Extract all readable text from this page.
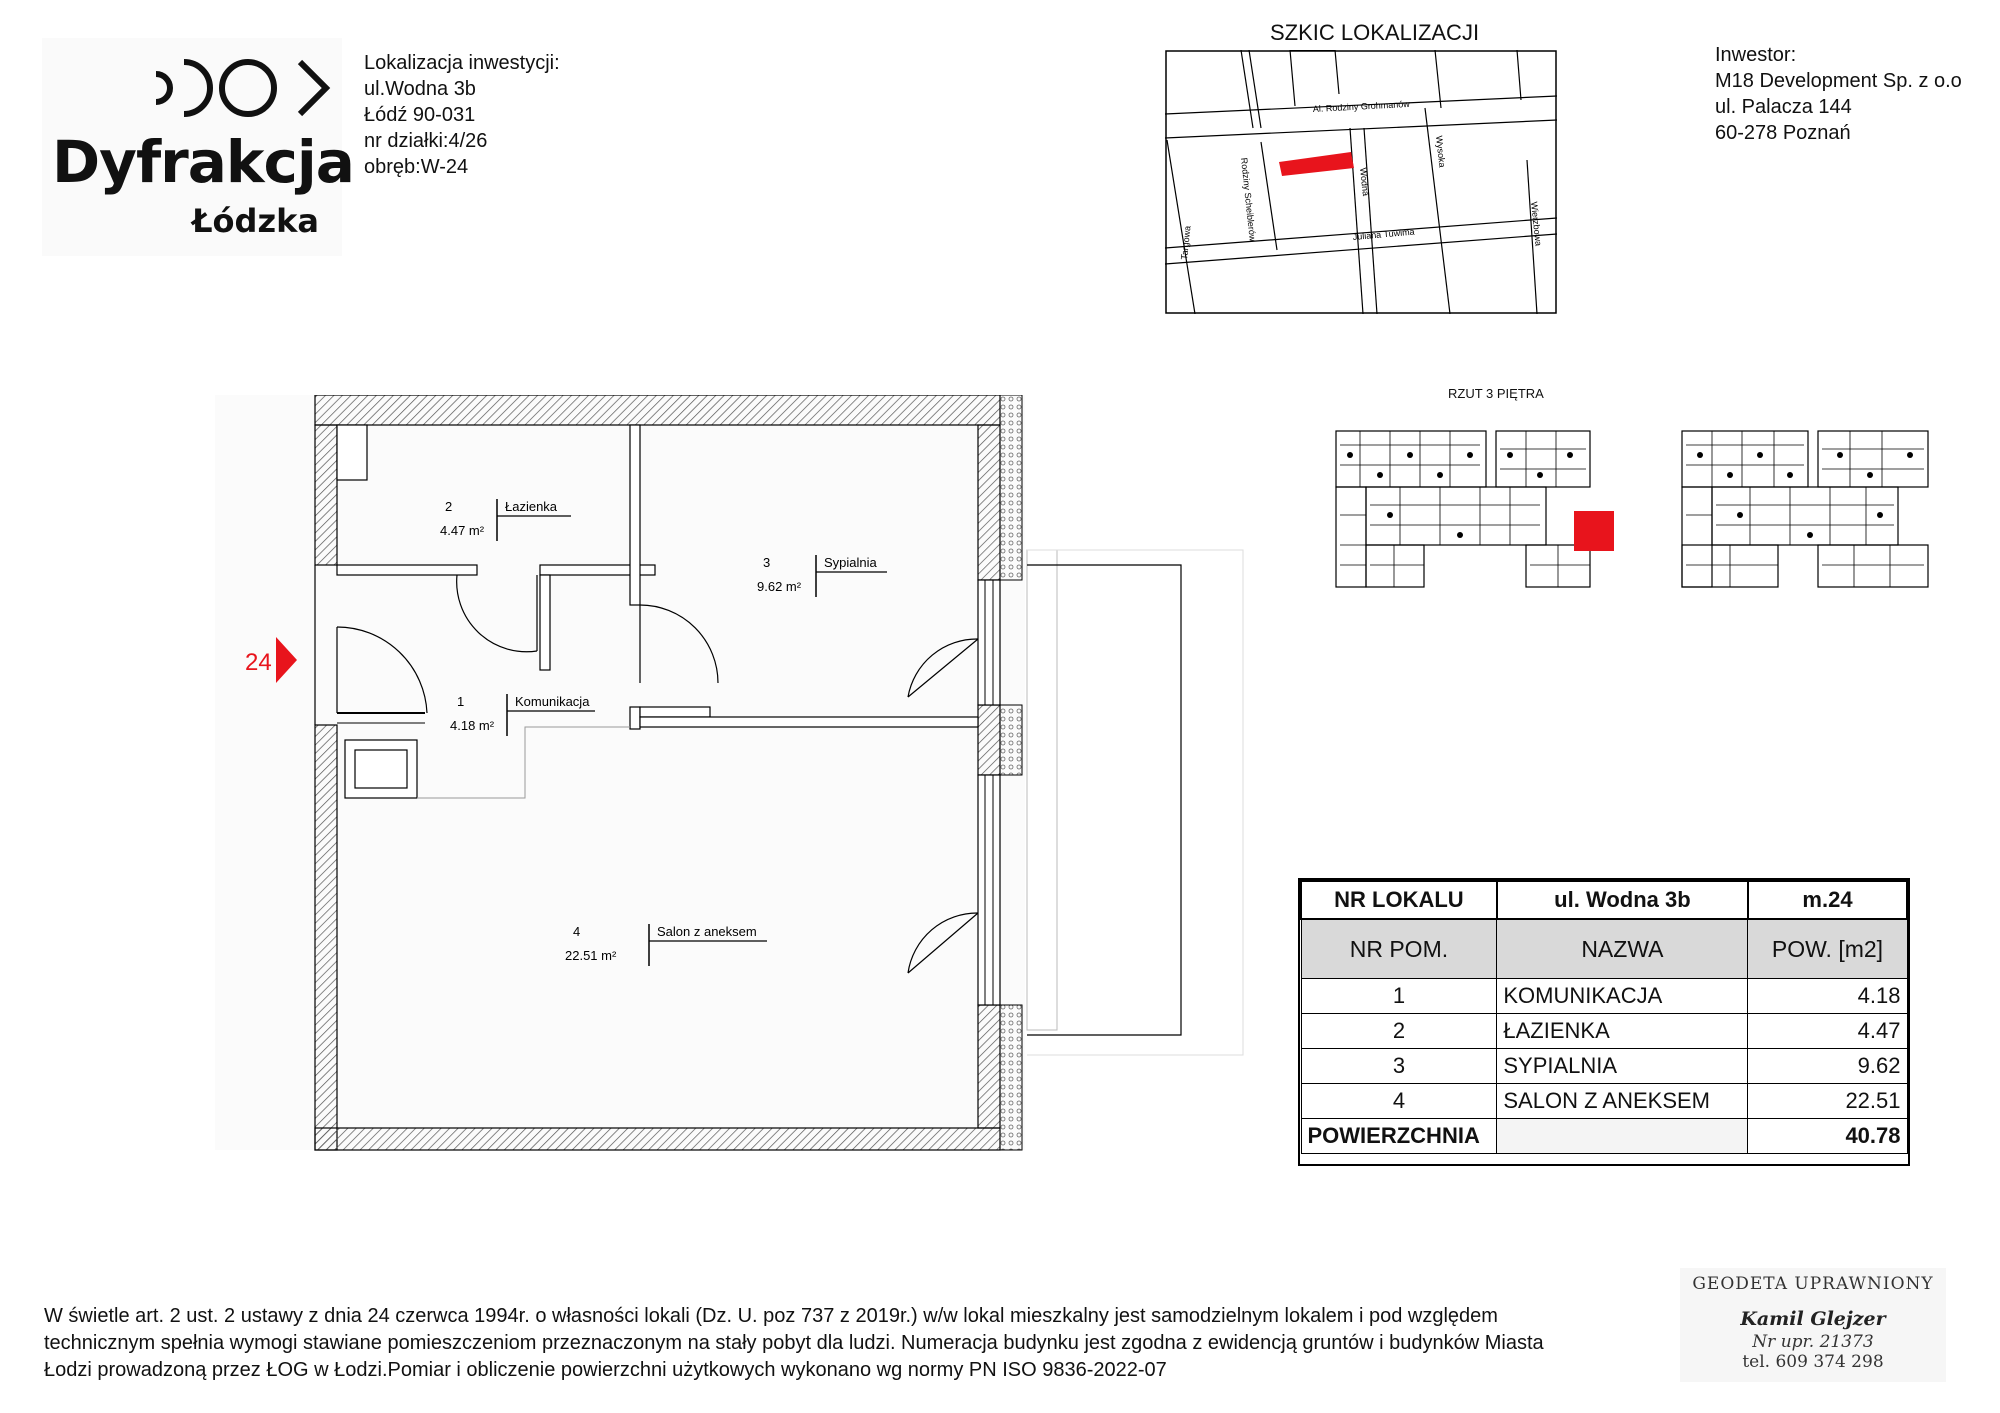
Dyfrakcja
Łódzka
Lokalizacja inwestycji:
ul.Wodna 3b
Łódź 90-031
nr działki:4/26
obręb:W-24
Inwestor:
M18 Development Sp. z o.o
ul. Palacza 144
60-278 Poznań
SZKIC LOKALIZACJI
Al. Rodziny Grohmanów
Rodziny Scheiblerów
Targowa
Wodna
Wysoka
Juliana Tuwima	Wierzbowa
RZUT 3 PIĘTRA
24
2	Łazienka
4.47 m²
3	Sypialnia
9.62 m²
1	Komunikacja
4.18 m²
4	Salon z aneksem
22.51 m²
NR LOKALU	ul. Wodna 3b	m.24
NR POM.	NAZWA	POW. [m2]
1	KOMUNIKACJA	4.18
2	ŁAZIENKA	4.47
3	SYPIALNIA	9.62
4	SALON Z ANEKSEM	22.51
POWIERZCHNIA		40.78
W świetle art. 2 ust. 2 ustawy z dnia 24 czerwca 1994r. o własności lokali (Dz. U. poz 737 z 2019r.) w/w lokal mieszkalny jest samodzielnym lokalem i pod względem
technicznym spełnia wymogi stawiane pomieszczeniom przeznaczonym na stały pobyt dla ludzi. Numeracja budynku jest zgodna z ewidencją gruntów i budynków Miasta
Łodzi prowadzoną przez ŁOG w Łodzi.Pomiar i obliczenie powierzchni użytkowych wykonano wg normy PN ISO 9836-2022-07
GEODETA UPRAWNIONY
Kamil Glejzer
Nr upr. 21373
tel. 609 374 298
